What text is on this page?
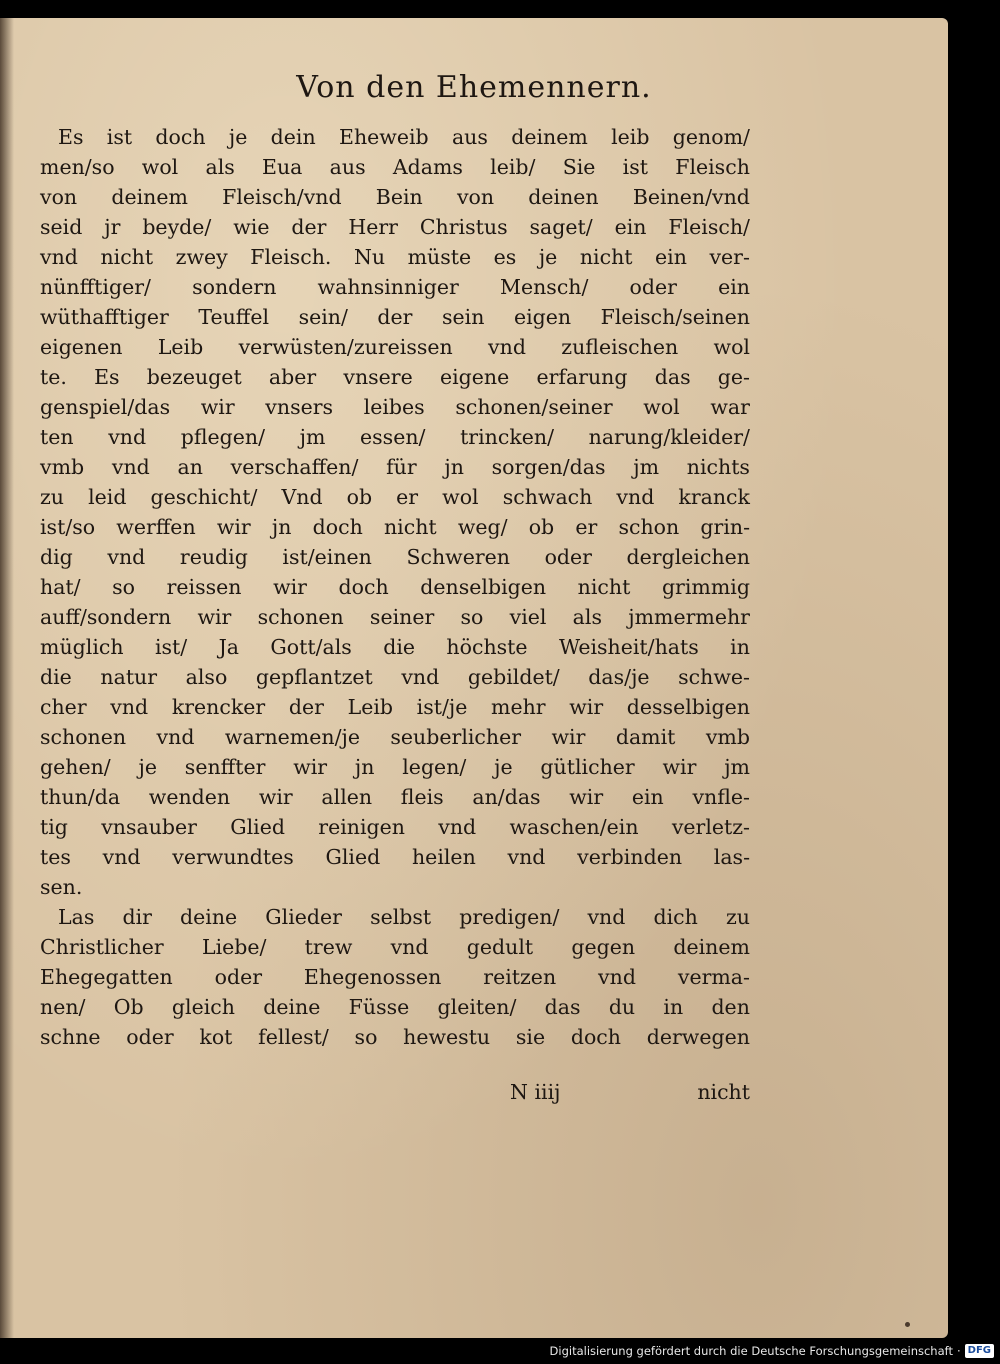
Von den Ehemennern.
Es ist doch je dein Eheweib aus deinem leib genom/
men/so wol als Eua aus Adams leib/ Sie ist Fleisch
von deinem Fleisch/vnd Bein von deinen Beinen/vnd
seid jr beyde/ wie der Herr Christus saget/ ein Fleisch/
vnd nicht zwey Fleisch. Nu müste es je nicht ein ver-
nünfftiger/ sondern wahnsinniger Mensch/ oder ein
wüthafftiger Teuffel sein/ der sein eigen Fleisch/seinen
eigenen Leib verwüsten/zureissen vnd zufleischen wol
te. Es bezeuget aber vnsere eigene erfarung das ge-
genspiel/das wir vnsers leibes schonen/seiner wol war
ten vnd pflegen/ jm essen/ trincken/ narung/kleider/
vmb vnd an verschaffen/ für jn sorgen/das jm nichts
zu leid geschicht/ Vnd ob er wol schwach vnd kranck
ist/so werffen wir jn doch nicht weg/ ob er schon grin-
dig vnd reudig ist/einen Schweren oder dergleichen
hat/ so reissen wir doch denselbigen nicht grimmig
auff/sondern wir schonen seiner so viel als jmmermehr
müglich ist/ Ja Gott/als die höchste Weisheit/hats in
die natur also gepflantzet vnd gebildet/ das/je schwe-
cher vnd krencker der Leib ist/je mehr wir desselbigen
schonen vnd warnemen/je seuberlicher wir damit vmb
gehen/ je senffter wir jn legen/ je gütlicher wir jm
thun/da wenden wir allen fleis an/das wir ein vnfle-
tig vnsauber Glied reinigen vnd waschen/ein verletz-
tes vnd verwundtes Glied heilen vnd verbinden las-
sen.
Las dir deine Glieder selbst predigen/ vnd dich zu
Christlicher Liebe/ trew vnd gedult gegen deinem
Ehegegatten oder Ehegenossen reitzen vnd verma-
nen/ Ob gleich deine Füsse gleiten/ das du in den
schne oder kot fellest/ so hewestu sie doch derwegen
N iiij	nicht
Digitalisierung gefördert durch die Deutsche Forschungsgemeinschaft · DFG
